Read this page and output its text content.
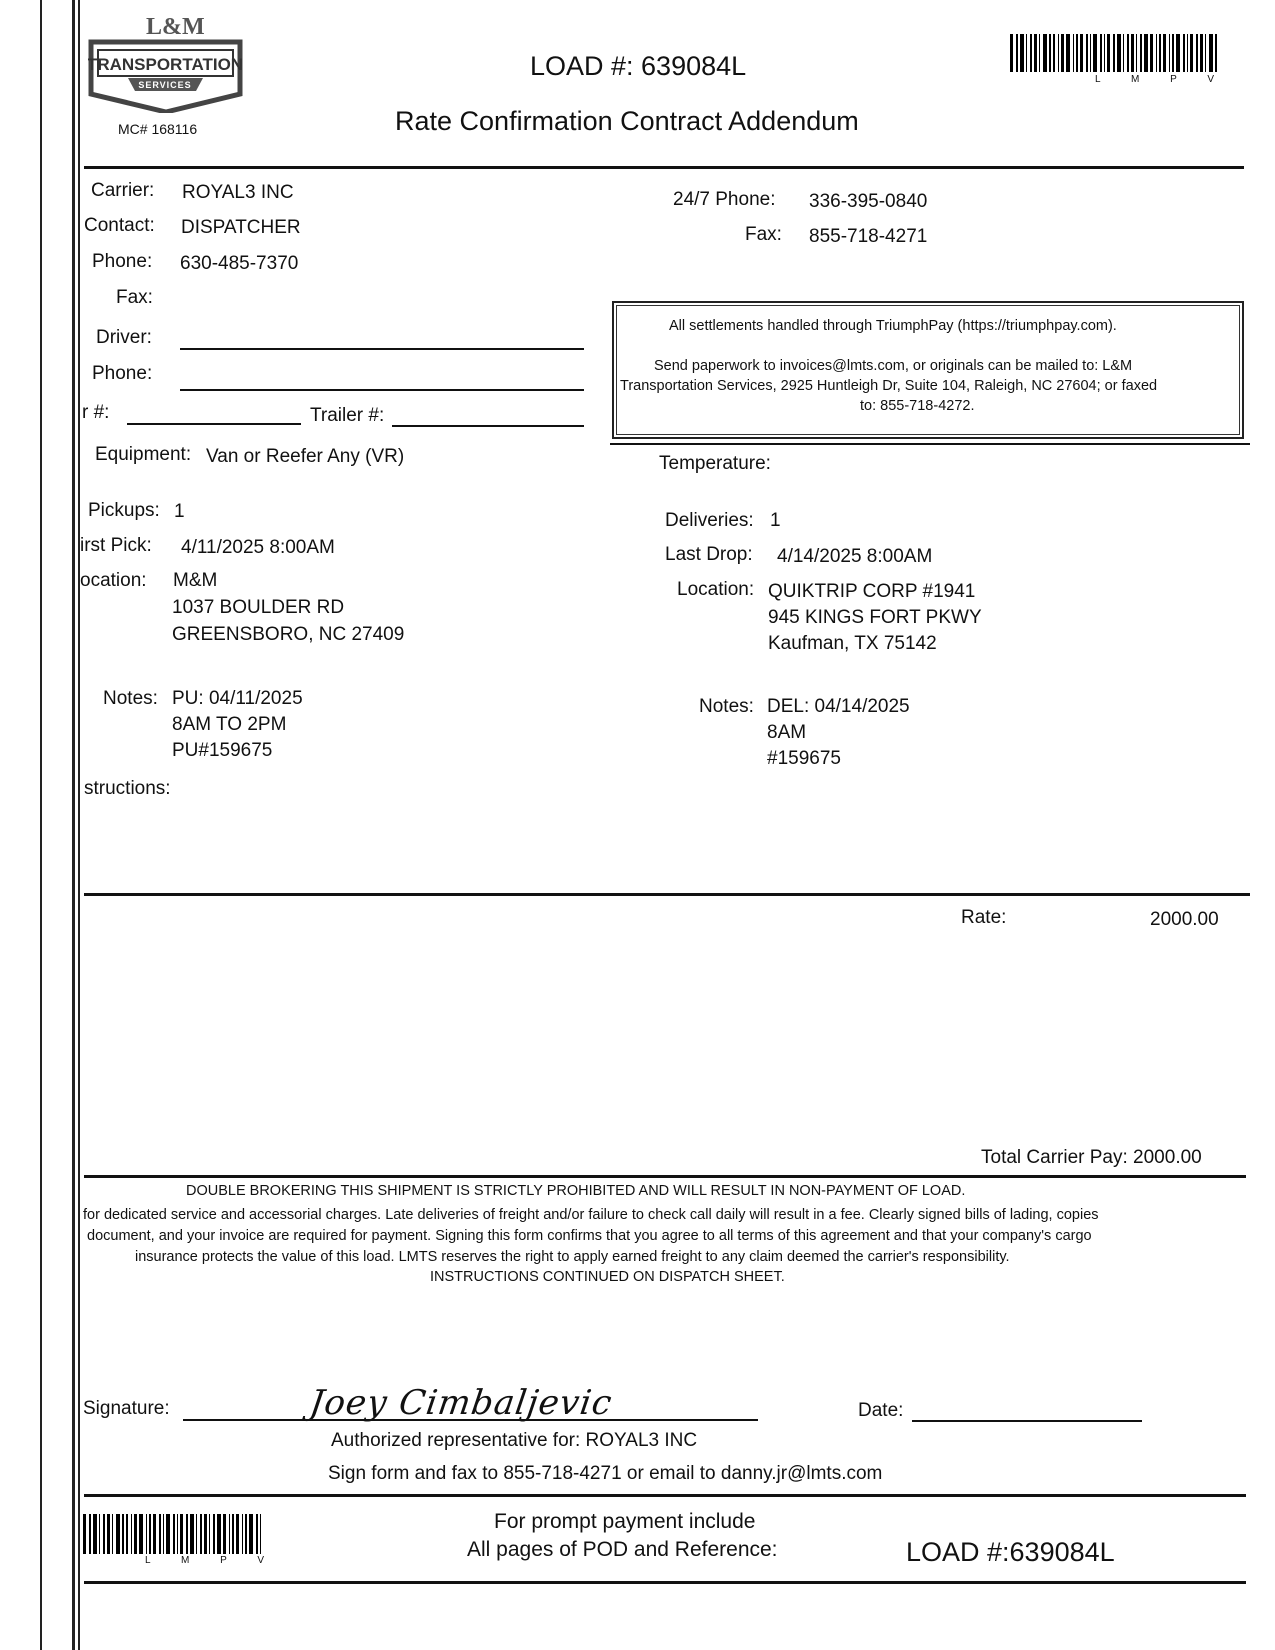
L&M
TRANSPORTATION
SERVICES
MC# 168116
LOAD #: 639084L
Rate Confirmation Contract Addendum
L M P V
Carrier: ROYAL3 INC
Contact: DISPATCHER
Phone: 630-485-7370
Fax:
Driver:
Phone:
r #:	Trailer #:
24/7 Phone: 336-395-0840
Fax: 855-718-4271
All settlements handled through TriumphPay (https://triumphpay.com).
Send paperwork to invoices@lmts.com, or originals can be mailed to: L&M
Transportation Services, 2925 Huntleigh Dr, Suite 104, Raleigh, NC 27604; or faxed
to: 855-718-4272.
Equipment: Van or Reefer Any (VR)	Temperature:
Pickups: 1
irst Pick: 4/11/2025 8:00AM
ocation: M&M
1037 BOULDER RD
GREENSBORO, NC 27409
Notes: PU: 04/11/2025
8AM TO 2PM
PU#159675
Deliveries: 1
Last Drop: 4/14/2025 8:00AM
Location: QUIKTRIP CORP #1941
945 KINGS FORT PKWY
Kaufman, TX 75142
Notes: DEL: 04/14/2025
8AM
#159675
structions:
Rate:	2000.00
Total Carrier Pay: 2000.00
DOUBLE BROKERING THIS SHIPMENT IS STRICTLY PROHIBITED AND WILL RESULT IN NON-PAYMENT OF LOAD.
for dedicated service and accessorial charges. Late deliveries of freight and/or failure to check call daily will result in a fee. Clearly signed bills of lading, copies
document, and your invoice are required for payment. Signing this form confirms that you agree to all terms of this agreement and that your company's cargo
insurance protects the value of this load. LMTS reserves the right to apply earned freight to any claim deemed the carrier's responsibility.
INSTRUCTIONS CONTINUED ON DISPATCH SHEET.
Signature:	Joey Cimbaljevic	Date:
Authorized representative for: ROYAL3 INC
Sign form and fax to 855-718-4271 or email to danny.jr@lmts.com
L M P V
For prompt payment include
All pages of POD and Reference:	LOAD #:639084L
